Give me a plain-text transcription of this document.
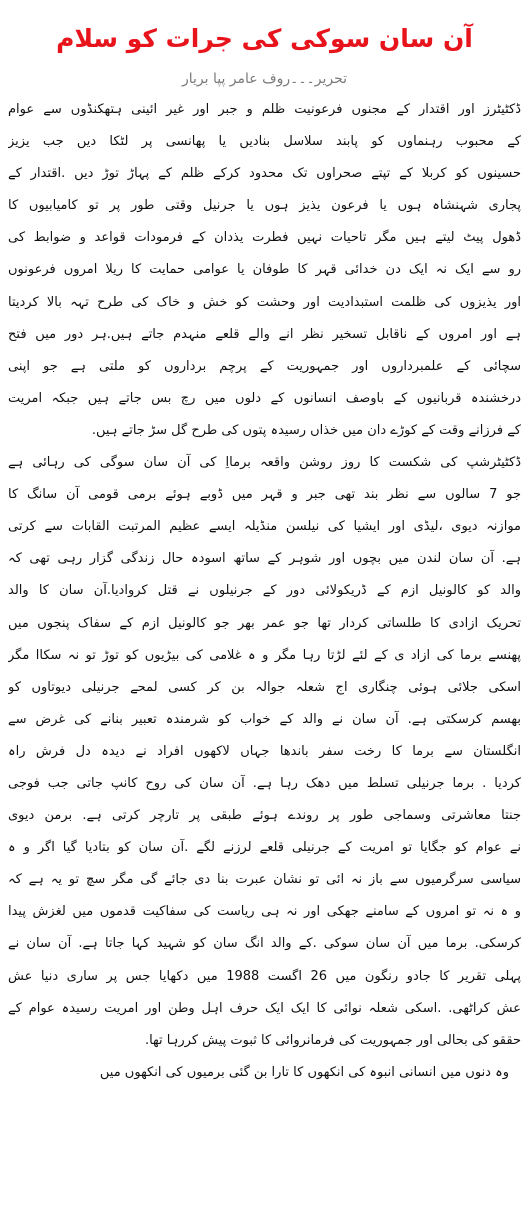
آن سان سوکی کی جرات کو سلام
تحریر۔۔۔روف عامر پپا بریار
ڈکٹیٹرز اور اقتدار کے مجنوں فرعونیت ظلم و جبر اور غیر ائینی ہتھکنڈوں سے عوام
کے محبوب رہنماوں کو پابند سلاسل بنادیں یا پھانسی پر لٹکا دیں جب یزیز
حسینوں کو کربلا کے تپتے صحراوں تک محدود کرکے ظلم کے پہاڑ توڑ دیں .اقتدار کے
پجاری شہنشاہ ہوں یا فرعون یذیز ہوں یا جرنیل وقتی طور پر تو کامیابیوں کا
ڈھول پیٹ لیتے ہیں مگر تاحیات نہیں فطرت یذدان کے فرمودات قواعد و ضوابط کی
رو سے ایک نہ ایک دن خدائی قہر کا طوفان یا عوامی حمایت کا ریلا امروں فرعونوں
اور یذیزوں کی ظلمت استبدادیت اور وحشت کو خش و خاک کی طرح تہہ بالا کردیتا
ہے اور امروں کے ناقابل تسخیر نظر انے والے قلعے منہدم جاتے ہیں.ہر دور میں فتح
سچائی کے علمبرداروں اور جمہوریت کے پرچم برداروں کو ملتی ہے جو اپنی
درخشندہ قربانیوں کے باوصف انسانوں کے دلوں میں رچ بس جاتے ہیں جبکہ امریت
کے فرزانے وقت کے کوڑے دان میں خذاں رسیدہ پتوں کی طرح گل سڑ جاتے ہیں.
ڈکٹیٹرشپ کی شکست کا روز روشن واقعہ برمااِ کی آن سان سوگی کی رہائی ہے
جو 7 سالوں سے نظر بند تھی جبر و قہر میں ڈوبے ہوئے برمی قومی آن سانگ کا
موازنہ دیوی ،لیڈی اور ایشیا کی نیلسن منڈیلہ ایسے عظیم المرتبت القابات سے کرتی
ہے. آن سان لندن میں بچوں اور شوہر کے ساتھ اسودہ حال زندگی گزار رہی تھی کہ
والد کو کالونیل ازم کے ڈریکولائی دور کے جرنیلوں نے قتل کروادیا.آن سان کا والد
تحریک ازادی کا طلساتی کردار تھا جو عمر بھر جو کالونیل ازم کے سفاک پنجوں میں
پھنسے برما کی ازاد ی کے لئے لڑتا رہا مگر و ہ غلامی کی بیڑیوں کو توڑ تو نہ سکاا مگر
اسکی جلائی ہوئی چنگاری اج شعلہ جوالہ بن کر کسی لمحے جرنیلی دیوتاوں کو
بھسم کرسکتی ہے. آن سان نے والد کے خواب کو شرمندہ تعبیر بنانے کی غرض سے
انگلستان سے برما کا رخت سفر باندھا جہاں لاکھوں افراد نے دیدہ دل فرش راہ
کردیا . برما جرنیلی تسلط میں دھک رہا ہے. آن سان کی روح کانپ جاتی جب فوجی
جنتا معاشرتی وسماجی طور پر روندے ہوئے طبقی پر تارچر کرتی ہے. برمن دیوی
نے عوام کو جگایا تو امریت کے جرنیلی قلعے لرزنے لگے .آن سان کو بتادیا گیا اگر و ہ
سیاسی سرگرمیوں سے باز نہ ائی تو نشان عبرت بنا دی جائے گی مگر سچ تو یہ ہے کہ
و ہ نہ تو امروں کے سامنے جھکی اور نہ ہی ریاست کی سفاکیت قدموں میں لغزش پیدا
کرسکی. برما میں آن سان سوکی .کے والد انگ سان کو شہید کہا جاتا ہے. آن سان نے
پہلی تقریر کا جادو رنگون میں 26 اگست 1988 میں دکھایا جس پر ساری دنیا عش
عش کراٹھی. .اسکی شعلہ نوائی کا ایک ایک حرف اہل وطن اور امریت رسیدہ عوام کے
حققو کی بحالی اور جمہوریت کی فرمانروائی کا ثبوت پیش کررہا تھا.
وہ دنوں میں انسانی انبوہ کی انکھوں کا تارا بن گئی برمیوں کی انکھوں میں
